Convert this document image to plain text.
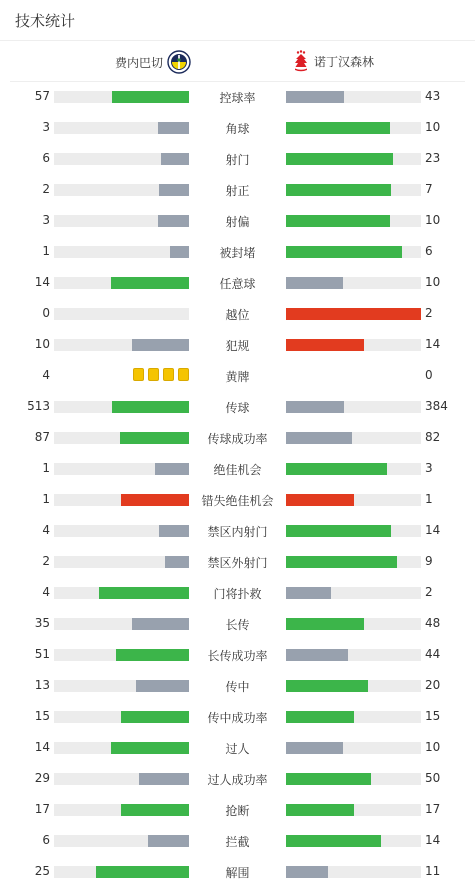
技术统计
费内巴切	诺丁汉森林
57	控球率	43
3	角球	10
6	射门	23
2	射正	7
3	射偏	10
1	被封堵	6
14	任意球	10
0	越位	2
10	犯规	14
4	黄牌	0
513	传球	384
87	传球成功率	82
1	绝佳机会	3
1	错失绝佳机会	1
4	禁区内射门	14
2	禁区外射门	9
4	门将扑救	2
35	长传	48
51	长传成功率	44
13	传中	20
15	传中成功率	15
14	过人	10
29	过人成功率	50
17	抢断	17
6	拦截	14
25	解围	11
